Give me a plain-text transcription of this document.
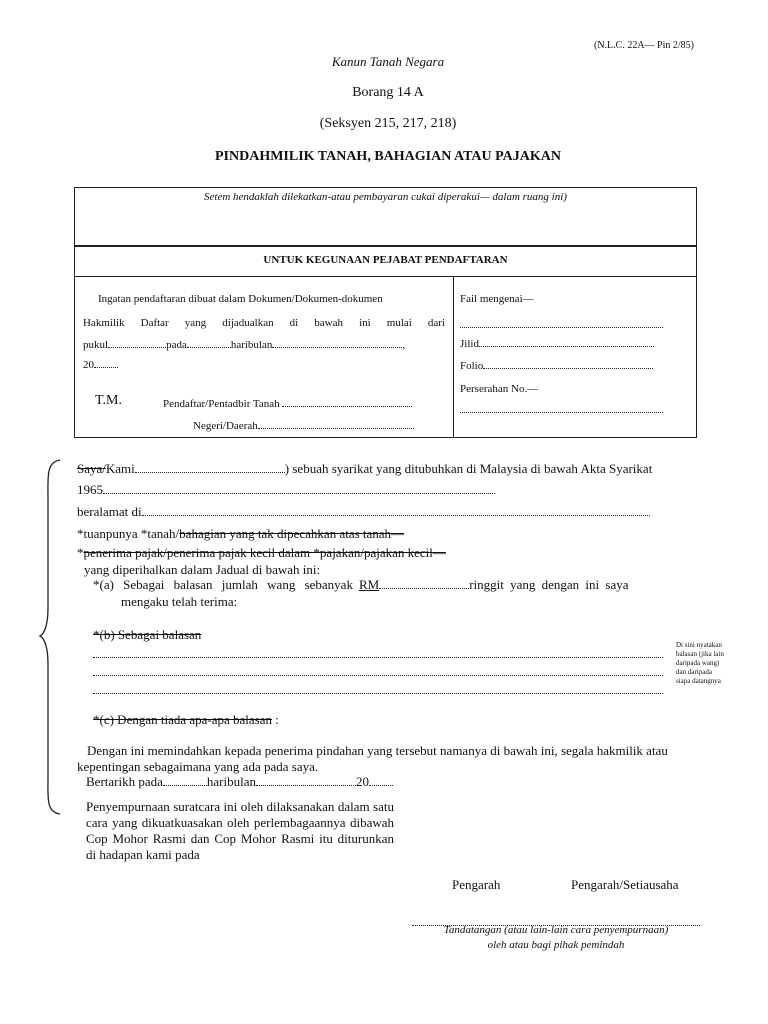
(N.L.C. 22A— Pin 2/85)
Kanun Tanah Negara
Borang 14 A
(Seksyen 215, 217, 218)
PINDAHMILIK TANAH, BAHAGIAN ATAU PAJAKAN
Setem hendaklah dilekatkan-atau pembayaran cukai diperakui— dalam ruang ini)
UNTUK KEGUNAAN PEJABAT PENDAFTARAN
Ingatan pendaftaran dibuat dalam Dokumen/Dokumen-dokumen
Hakmilik Daftar yang dijadualkan di bawah ini mulai dari
pukul	pada	haribulan	,
20
T.M.	Pendaftar/Pentadbir Tanah
Negeri/Daerah
Fail mengenai—
Jilid
Folio
Perserahan No.—
Saya/Kami	) sebuah syarikat yang ditubuhkan di Malaysia di bawah Akta Syarikat
1965
beralamat di
*tuanpunya *tanah/bahagian yang tak dipecahkan atas tanah—
*penerima pajak/penerima pajak kecil dalam *pajakan/pajakan kecil—
yang diperihalkan dalam Jadual di bawah ini:
*(a) Sebagai balasan jumlah wang sebanyak RM	ringgit yang dengan ini saya
mengaku telah terima:
*(b) Sebagai balasan
Di sini nyatakan balasan (jika lain daripada wang) dan daripada siapa datangnya
*(c) Dengan tiada apa-apa balasan :
Dengan ini memindahkan kepada penerima pindahan yang tersebut namanya di bawah ini, segala hakmilik atau kepentingan sebagaimana yang ada pada saya.
Bertarikh pada	haribulan	20
Penyempurnaan suratcara ini oleh dilaksanakan dalam satu cara yang dikuatkuasakan oleh perlembagaannya dibawah Cop Mohor Rasmi dan Cop Mohor Rasmi itu diturunkan di hadapan kami pada
Pengarah	Pengarah/Setiausaha
Tandatangan (atau lain-lain cara penyempurnaan)
oleh atau bagi pihak pemindah
